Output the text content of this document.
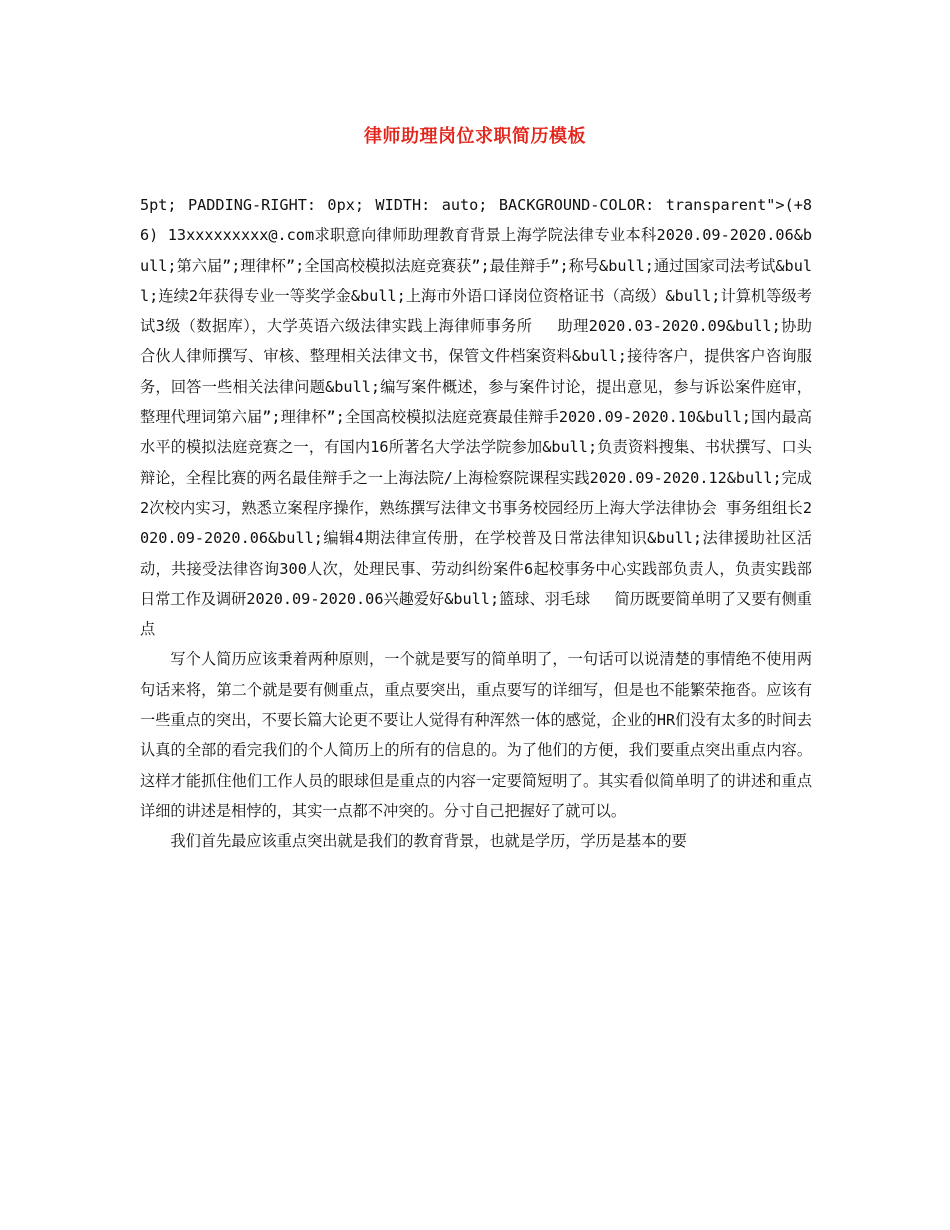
律师助理岗位求职简历模板

5pt; PADDING-RIGHT: 0px; WIDTH: auto; BACKGROUND-COLOR: transparent">(+86) 13xxxxxxxxx@.com求职意向律师助理教育背景上海学院法律专业本科2020.09-2020.06&bull;第六届”;理律杯”;全国高校模拟法庭竞赛获”;最佳辩手”;称号&bull;通过国家司法考试&bull;连续2年获得专业一等奖学金&bull;上海市外语口译岗位资格证书（高级）&bull;计算机等级考试3级（数据库），大学英语六级法律实践上海律师事务所　 助理2020.03-2020.09&bull;协助合伙人律师撰写、审核、整理相关法律文书，保管文件档案资料&bull;接待客户，提供客户咨询服务，回答一些相关法律问题&bull;编写案件概述，参与案件讨论，提出意见，参与诉讼案件庭审，整理代理词第六届”;理律杯”;全国高校模拟法庭竞赛最佳辩手2020.09-2020.10&bull;国内最高水平的模拟法庭竞赛之一，有国内16所著名大学法学院参加&bull;负责资料搜集、书状撰写、口头辩论，全程比赛的两名最佳辩手之一上海法院/上海检察院课程实践2020.09-2020.12&bull;完成2次校内实习，熟悉立案程序操作，熟练撰写法律文书事务校园经历上海大学法律协会 事务组组长2020.09-2020.06&bull;编辑4期法律宣传册，在学校普及日常法律知识&bull;法律援助社区活动，共接受法律咨询300人次，处理民事、劳动纠纷案件6起校事务中心实践部负责人，负责实践部日常工作及调研2020.09-2020.06兴趣爱好&bull;篮球、羽毛球　 简历既要简单明了又要有侧重点

写个人简历应该秉着两种原则，一个就是要写的简单明了，一句话可以说清楚的事情绝不使用两句话来将，第二个就是要有侧重点，重点要突出，重点要写的详细写，但是也不能繁荣拖沓。应该有一些重点的突出，不要长篇大论更不要让人觉得有种浑然一体的感觉，企业的HR们没有太多的时间去认真的全部的看完我们的个人简历上的所有的信息的。为了他们的方便，我们要重点突出重点内容。这样才能抓住他们工作人员的眼球但是重点的内容一定要简短明了。其实看似简单明了的讲述和重点详细的讲述是相悖的，其实一点都不冲突的。分寸自己把握好了就可以。

我们首先最应该重点突出就是我们的教育背景，也就是学历，学历是基本的要
